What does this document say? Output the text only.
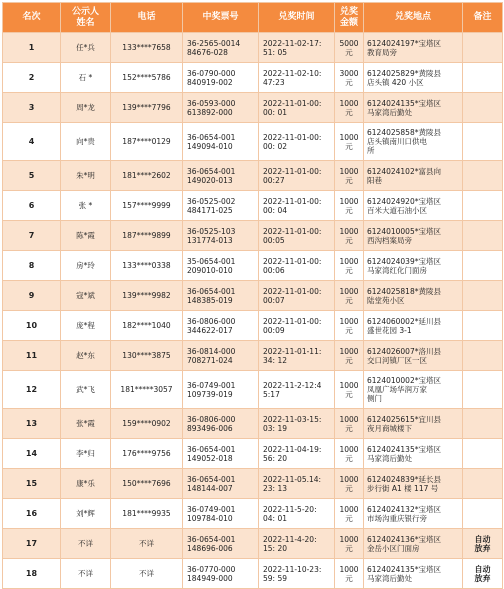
名次	公示人
姓名	电话	中奖票号	兑奖时间	兑奖
金额	兑奖地点	备注

1	任*兵	133****7658	36-2565-0014
84676-028	2022-11-02-17:
51: 05	5000
元	6124024197*宝塔区
教育局旁	

2	石 *	152****5786	36-0790-000
840919-002	2022-11-02-10:
47:23	3000
元	6124025829*黄陵县
店头镇 420 小区	

3	周*龙	139****7796	36-0593-000
613892-000	2022-11-01-00:
00: 01	1000
元	6124024135*宝塔区
马家湾后勤处	

4	向*贵	187****0129	36-0654-001
149094-010	2022-11-01-00:
00: 02	1000
元	6124025858*黄陵县
店头镇南川口供电
所	

5	朱*明	181****2602	36-0654-001
149020-013	2022-11-01-00:
00:27	1000
元	6124024102*富县向
阳巷	

6	张 *	157****9999	36-0525-002
484171-025	2022-11-01-00:
00: 04	1000
元	6124024920*宝塔区
百米大道石油小区	

7	陈*霞	187****9899	36-0525-103
131774-013	2022-11-01-00:
00:05	1000
元	6124010005*宝塔区
西沟档案局旁	

8	房*玲	133****0338	35-0654-001
209010-010	2022-11-01-00:
00:06	1000
元	6124024039*宝塔区
马家湾红化门面房	

9	寇*斌	139****9982	36-0654-001
148385-019	2022-11-01-00:
00:07	1000
元	6124025818*黄陵县
陆堂苑小区	

10	庞*程	182****1040	36-0806-000
344622-017	2022-11-01-00:
00:09	1000
元	6124060002*延川县
盛世花园 3-1	

11	赵*东	130****3875	36-0814-000
708271-024	2022-11-01-11:
34: 12	1000
元	6124026007*洛川县
交口河镇厂区一区	

12	武*飞	181*****3057	36-0749-001
109739-019	2022-11-2-12:4
5:17	1000
元	6124010002*宝塔区
凤凰广场华润万家
侧门	

13	张*霞	159****0902	36-0806-000
893496-006	2022-11-03-15:
03: 19	1000
元	6124025615*宜川县
夜月商城楼下	

14	李*归	176****9756	36-0654-001
149052-018	2022-11-04-19:
56: 20	1000
元	6124024135*宝塔区
马家湾后勤处	

15	康*乐	150****7696	36-0654-001
148144-007	2022-11-05.14:
23: 13	1000
元	6124024839*延长县
步行街 A1 楼 117 号	

16	刘*辉	181****9935	36-0749-001
109784-010	2022-11-5-20:
04: 01	1000
元	6124024132*宝塔区
市场沟重庆银行旁	

17	不详	不详	36-0654-001
148696-006	2022-11-4-20:
15: 20	1000
元	6124024136*宝塔区
金岳小区门面房	自动
放弃

18	不详	不详	36-0770-000
184949-000	2022-11-10-23:
59: 59	1000
元	6124024135*宝塔区
马家湾后勤处	自动
放弃
